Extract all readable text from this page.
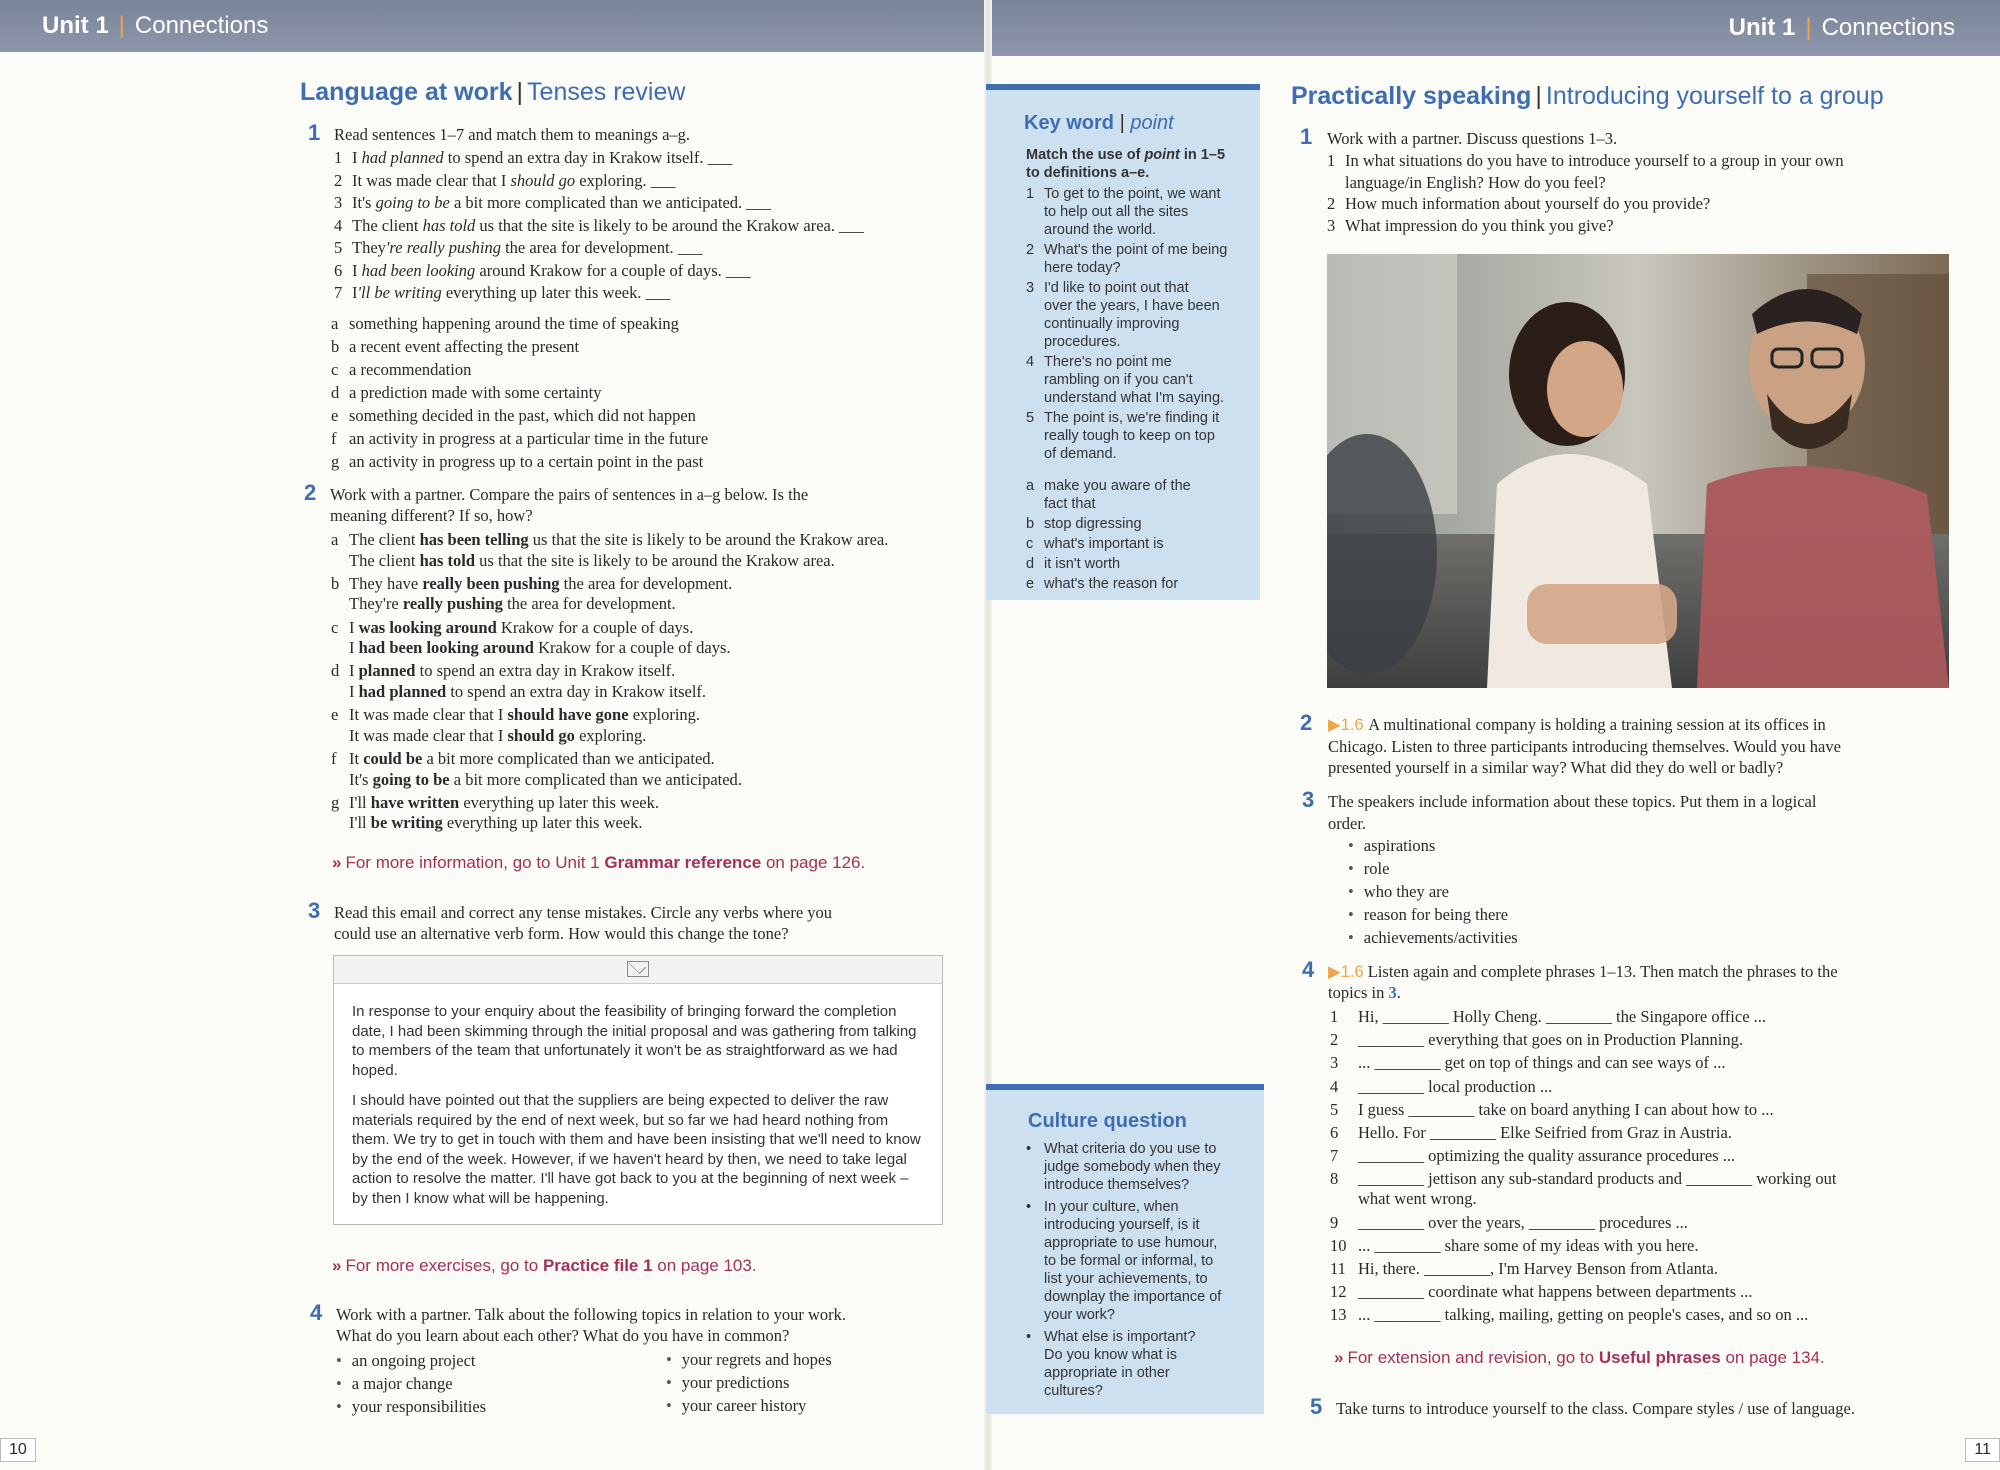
Unit 1 | Connections	Unit 1 | Connections
Language at work | Tenses review
1 Read sentences 1–7 and match them to meanings a–g.
1 I had planned to spend an extra day in Krakow itself. ___
2 It was made clear that I should go exploring. ___
3 It's going to be a bit more complicated than we anticipated. ___
4 The client has told us that the site is likely to be around the Krakow area. ___
5 They're really pushing the area for development. ___
6 I had been looking around Krakow for a couple of days. ___
7 I'll be writing everything up later this week. ___
a something happening around the time of speaking
b a recent event affecting the present
c a recommendation
d a prediction made with some certainty
e something decided in the past, which did not happen
f an activity in progress at a particular time in the future
g an activity in progress up to a certain point in the past
2 Work with a partner. Compare the pairs of sentences in a–g below. Is the
meaning different? If so, how?
a The client has been telling us that the site is likely to be around the Krakow area.
The client has told us that the site is likely to be around the Krakow area.
b They have really been pushing the area for development.
They're really pushing the area for development.
c I was looking around Krakow for a couple of days.
I had been looking around Krakow for a couple of days.
d I planned to spend an extra day in Krakow itself.
I had planned to spend an extra day in Krakow itself.
e It was made clear that I should have gone exploring.
It was made clear that I should go exploring.
f It could be a bit more complicated than we anticipated.
It's going to be a bit more complicated than we anticipated.
g I'll have written everything up later this week.
I'll be writing everything up later this week.
» For more information, go to Unit 1 Grammar reference on page 126.
3 Read this email and correct any tense mistakes. Circle any verbs where you
could use an alternative verb form. How would this change the tone?

In response to your enquiry about the feasibility of bringing forward the completion date, I had been skimming through the initial proposal and was gathering from talking to members of the team that unfortunately it won't be as straightforward as we had hoped.

I should have pointed out that the suppliers are being expected to deliver the raw materials required by the end of next week, but so far we had heard nothing from them. We try to get in touch with them and have been insisting that we'll need to know by the end of the week. However, if we haven't heard by then, we need to take legal action to resolve the matter. I'll have got back to you at the beginning of next week – by then I know what will be happening.

» For more exercises, go to Practice file 1 on page 103.
4 Work with a partner. Talk about the following topics in relation to your work.
What do you learn about each other? What do you have in common?
• an ongoing project
• a major change
• your responsibilities
• your regrets and hopes
• your predictions
• your career history
10
Key word | point
Match the use of point in 1–5
to definitions a–e.
1 To get to the point, we want
to help out all the sites
around the world.
2 What's the point of me being
here today?
3 I'd like to point out that
over the years, I have been
continually improving
procedures.
4 There's no point me
rambling on if you can't
understand what I'm saying.
5 The point is, we're finding it
really tough to keep on top
of demand.
a make you aware of the
fact that
b stop digressing
c what's important is
d it isn't worth
e what's the reason for
Culture question
• What criteria do you use to
judge somebody when they
introduce themselves?
• In your culture, when
introducing yourself, is it
appropriate to use humour,
to be formal or informal, to
list your achievements, to
downplay the importance of
your work?
• What else is important?
Do you know what is
appropriate in other
cultures?
Practically speaking | Introducing yourself to a group
1 Work with a partner. Discuss questions 1–3.
1 In what situations do you have to introduce yourself to a group in your own
language/in English? How do you feel?
2 How much information about yourself do you provide?
3 What impression do you think you give?
2 ▶1.6 A multinational company is holding a training session at its offices in
Chicago. Listen to three participants introducing themselves. Would you have
presented yourself in a similar way? What did they do well or badly?
3 The speakers include information about these topics. Put them in a logical
order.
• aspirations
• role
• who they are
• reason for being there
• achievements/activities
4 ▶1.6 Listen again and complete phrases 1–13. Then match the phrases to the
topics in 3.
1 Hi, ________ Holly Cheng. ________ the Singapore office ...
2 ________ everything that goes on in Production Planning.
3 ... ________ get on top of things and can see ways of ...
4 ________ local production ...
5 I guess ________ take on board anything I can about how to ...
6 Hello. For ________ Elke Seifried from Graz in Austria.
7 ________ optimizing the quality assurance procedures ...
8 ________ jettison any sub-standard products and ________ working out
what went wrong.
9 ________ over the years, ________ procedures ...
10 ... ________ share some of my ideas with you here.
11 Hi, there. ________, I'm Harvey Benson from Atlanta.
12 ________ coordinate what happens between departments ...
13 ... ________ talking, mailing, getting on people's cases, and so on ...
» For extension and revision, go to Useful phrases on page 134.
5 Take turns to introduce yourself to the class. Compare styles / use of language.
11
